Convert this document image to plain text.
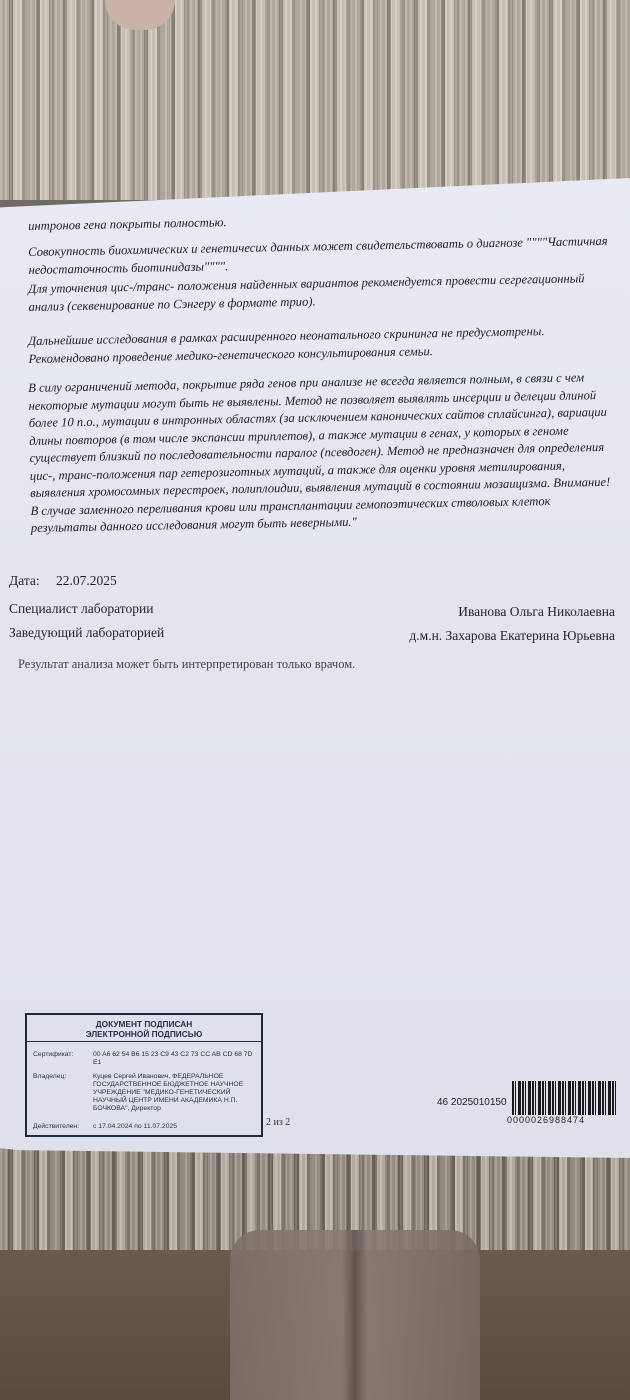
интронов гена покрыты полностью.

Совокупность биохимических и генетичесих данных может свидетельствовать о диагнозе """"Частичная недостаточность биотинидазы"""".

Для уточнения цис-/транс- положения найденных вариантов рекомендуется провести сегрегационный анализ (секвенирование по Сэнгеру в формате трио).

Дальнейшие исследования в рамках расширенного неонатального скрининга не предусмотрены. Рекомендовано проведение медико-генетического консультирования семьи.

В силу ограничений метода, покрытие ряда генов при анализе не всегда является полным, в связи с чем некоторые мутации могут быть не выявлены. Метод не позволяет выявлять инсерции и делеции длиной более 10 п.о., мутации в интронных областях (за исключением канонических сайтов сплайсинга), вариации длины повторов (в том числе экспансии триплетов), а также мутации в генах, у которых в геноме существует близкий по последовательности паралог (псевдоген). Метод не предназначен для определения цис-, транс-положения пар гетерозиготных мутаций, а также для оценки уровня метилирования, выявления хромосомных перестроек, полиплоидии, выявления мутаций в состоянии мозаицизма. Внимание! В случае заменного переливания крови или трансплантации гемопоэтических стволовых клеток результаты данного исследования могут быть неверными."

Дата: 22.07.2025
Специалист лаборатории	Иванова Ольга Николаевна
Заведующий лабораторией	д.м.н. Захарова Екатерина Юрьевна
Результат анализа может быть интерпретирован только врачом.
ДОКУМЕНТ ПОДПИСАН
ЭЛЕКТРОННОЙ ПОДПИСЬЮ
Сертификат:	00 A6 62 54 B6 15 23 C9 43 C2 73 CC AB CD 68 7D E1
Владелец:	Куцев Сергей Иванович, ФЕДЕРАЛЬНОЕ ГОСУДАРСТВЕННОЕ БЮДЖЕТНОЕ НАУЧНОЕ УЧРЕЖДЕНИЕ "МЕДИКО-ГЕНЕТИЧЕСКИЙ НАУЧНЫЙ ЦЕНТР ИМЕНИ АКАДЕМИКА Н.П. БОЧКОВА", Директор
Действителен:	с 17.04.2024 по 11.07.2025	2 из 2
46 2025010150
0000026988474
